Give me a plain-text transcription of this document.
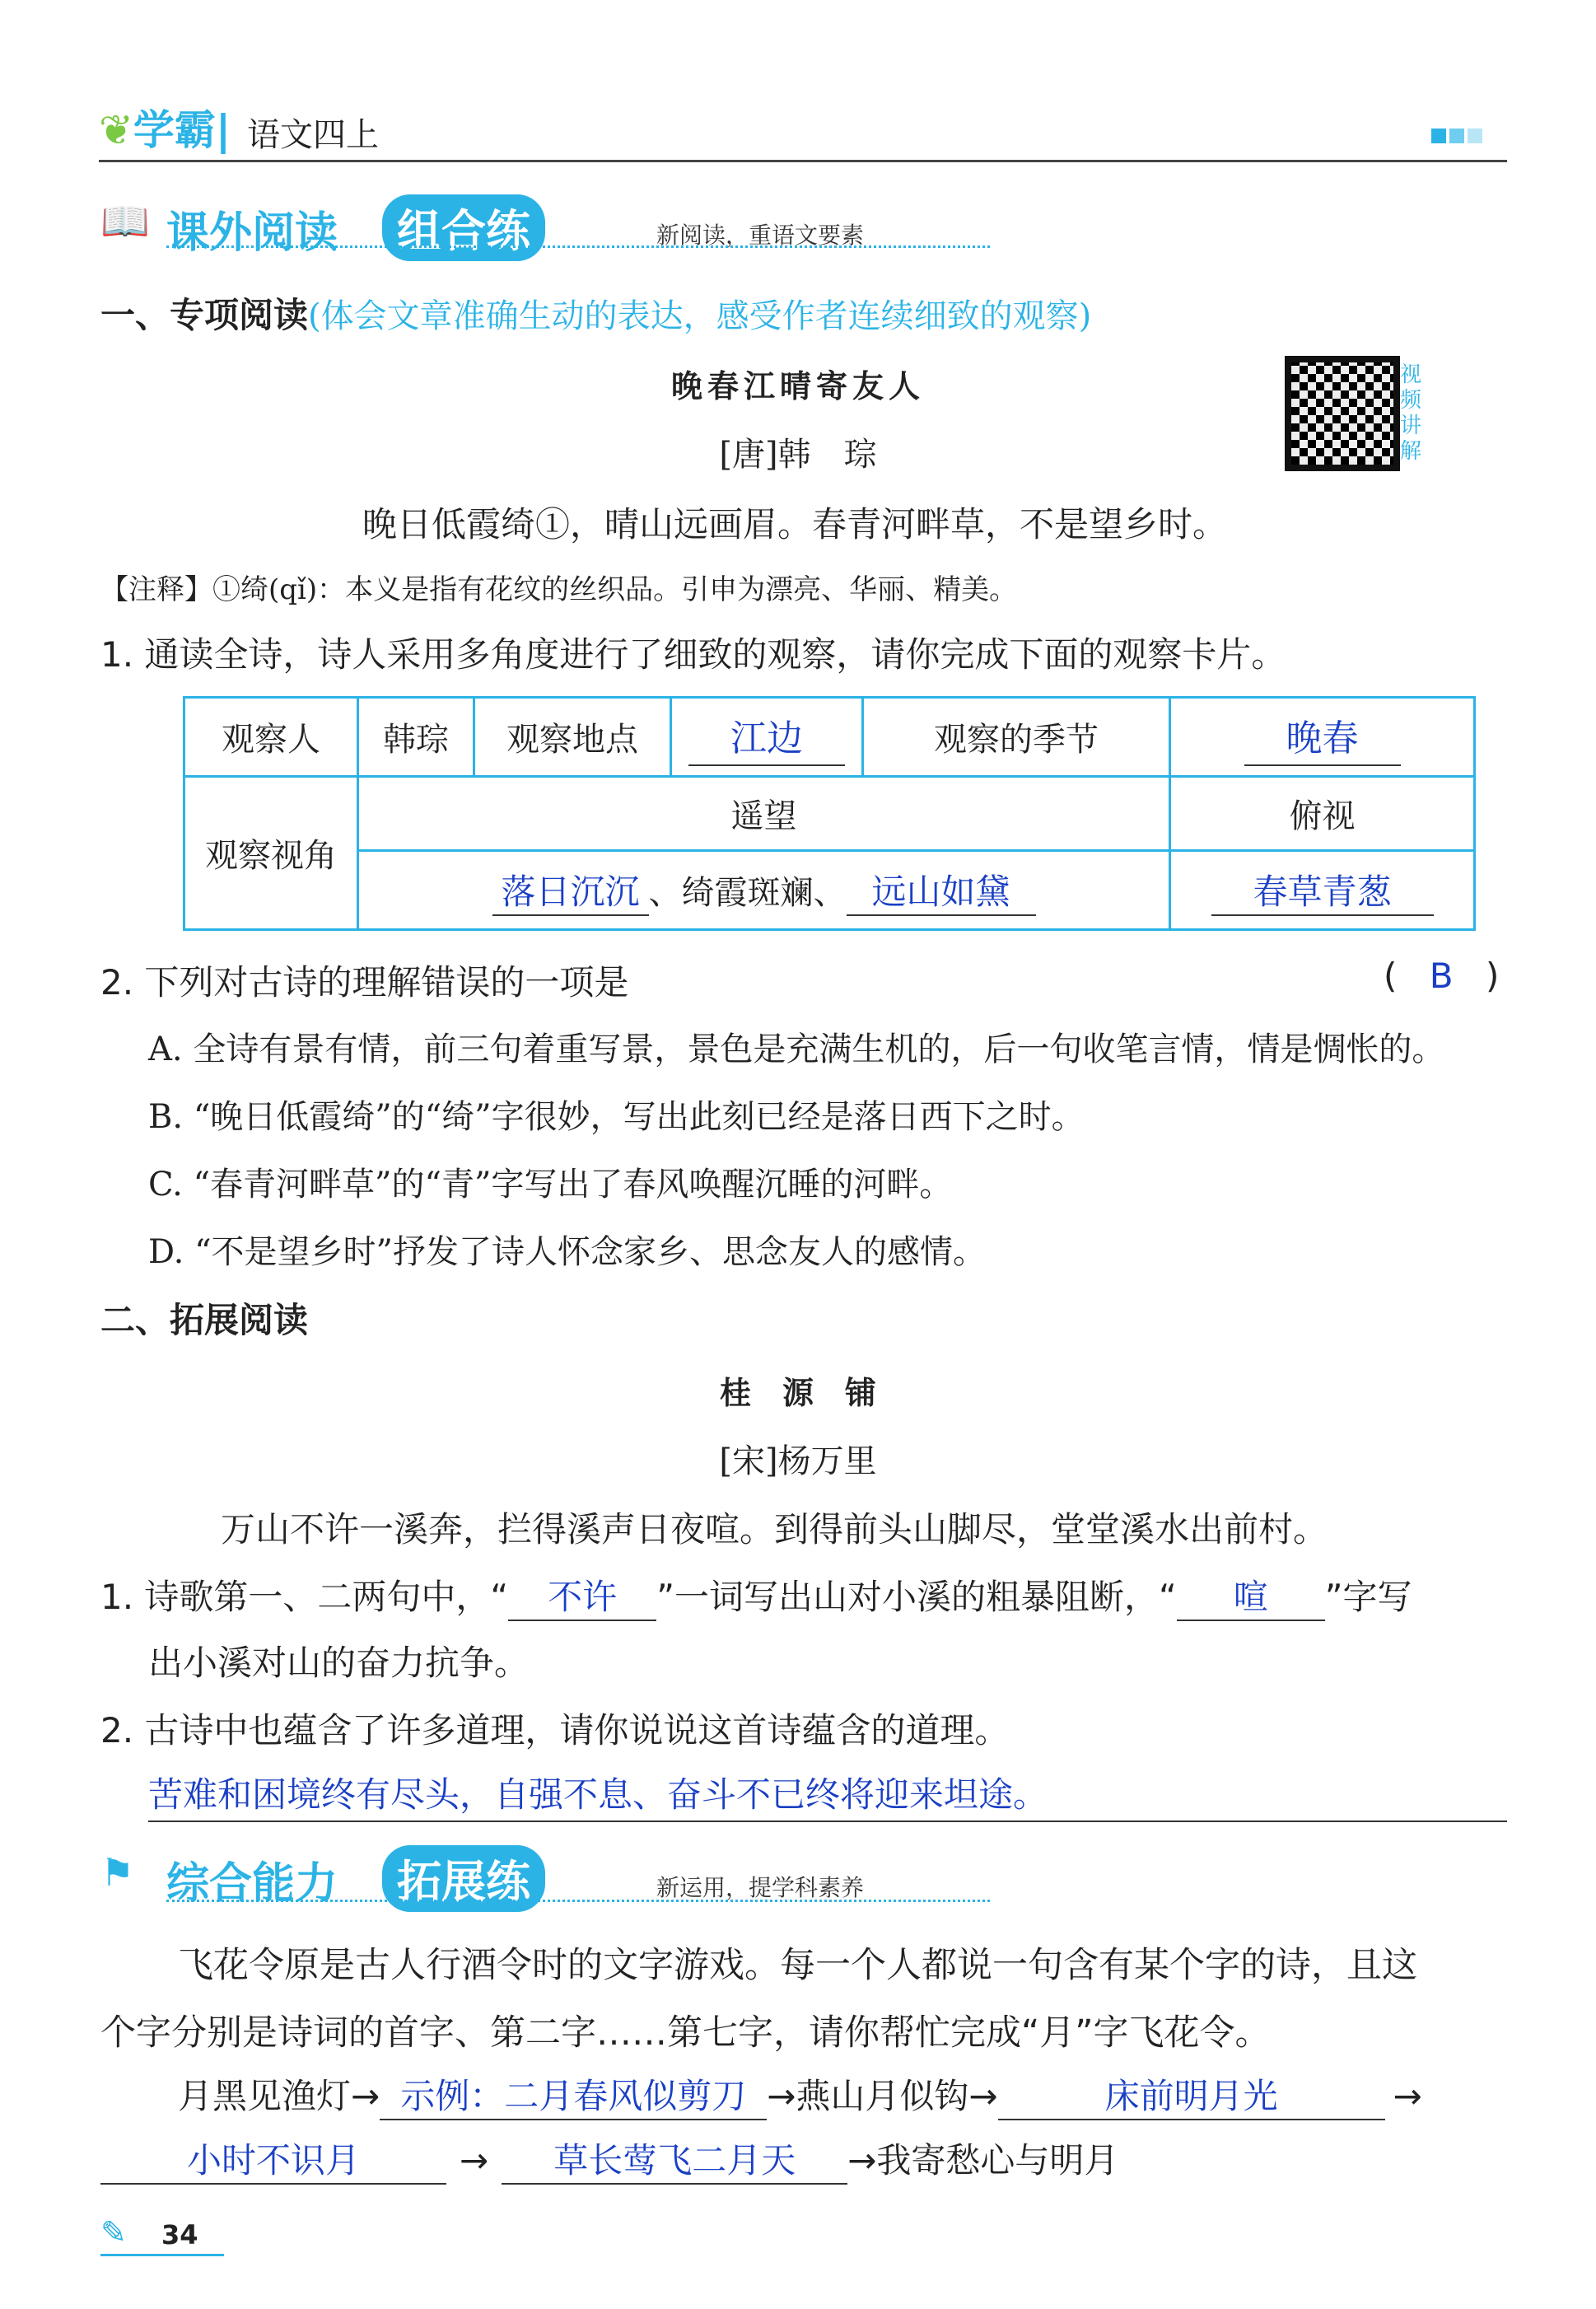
❦学霸| 语文四上
📖 课外阅读	组合练	新阅读，重语文要素
一、专项阅读(体会文章准确生动的表达，感受作者连续细致的观察)
晚春江晴寄友人
[唐]韩　琮
晚日低霞绮①，晴山远画眉。春青河畔草，不是望乡时。
视频讲解
【注释】①绮(qǐ)：本义是指有花纹的丝织品。引申为漂亮、华丽、精美。
1. 通读全诗，诗人采用多角度进行了细致的观察，请你完成下面的观察卡片。
观察人	韩琮	观察地点	江边	观察的季节	晚春
观察视角	遥望				俯视
	落日沉沉 、绮霞斑斓、 远山如黛				春草青葱
2. 下列对古诗的理解错误的一项是	( B )
A. 全诗有景有情，前三句着重写景，景色是充满生机的，后一句收笔言情，情是惆怅的。
B. “晚日低霞绮”的“绮”字很妙，写出此刻已经是落日西下之时。
C. “春青河畔草”的“青”字写出了春风唤醒沉睡的河畔。
D. “不是望乡时”抒发了诗人怀念家乡、思念友人的感情。
二、拓展阅读
桂　源　铺
[宋]杨万里
万山不许一溪奔，拦得溪声日夜喧。到得前头山脚尽，堂堂溪水出前村。
1. 诗歌第一、二两句中，“ 不许 ”一词写出山对小溪的粗暴阻断，“ 喧 ”字写
出小溪对山的奋力抗争。
2. 古诗中也蕴含了许多道理，请你说说这首诗蕴含的道理。
苦难和困境终有尽头，自强不息、奋斗不已终将迎来坦途。
⚑ 综合能力	拓展练	新运用，提学科素养
飞花令原是古人行酒令时的文字游戏。每一个人都说一句含有某个字的诗，且这
个字分别是诗词的首字、第二字……第七字，请你帮忙完成“月”字飞花令。
月黑见渔灯→ 示例：二月春风似剪刀 →燕山月似钩→	床前明月光	→
小时不识月	→ 草长莺飞二月天 →我寄愁心与明月
✎ 34
